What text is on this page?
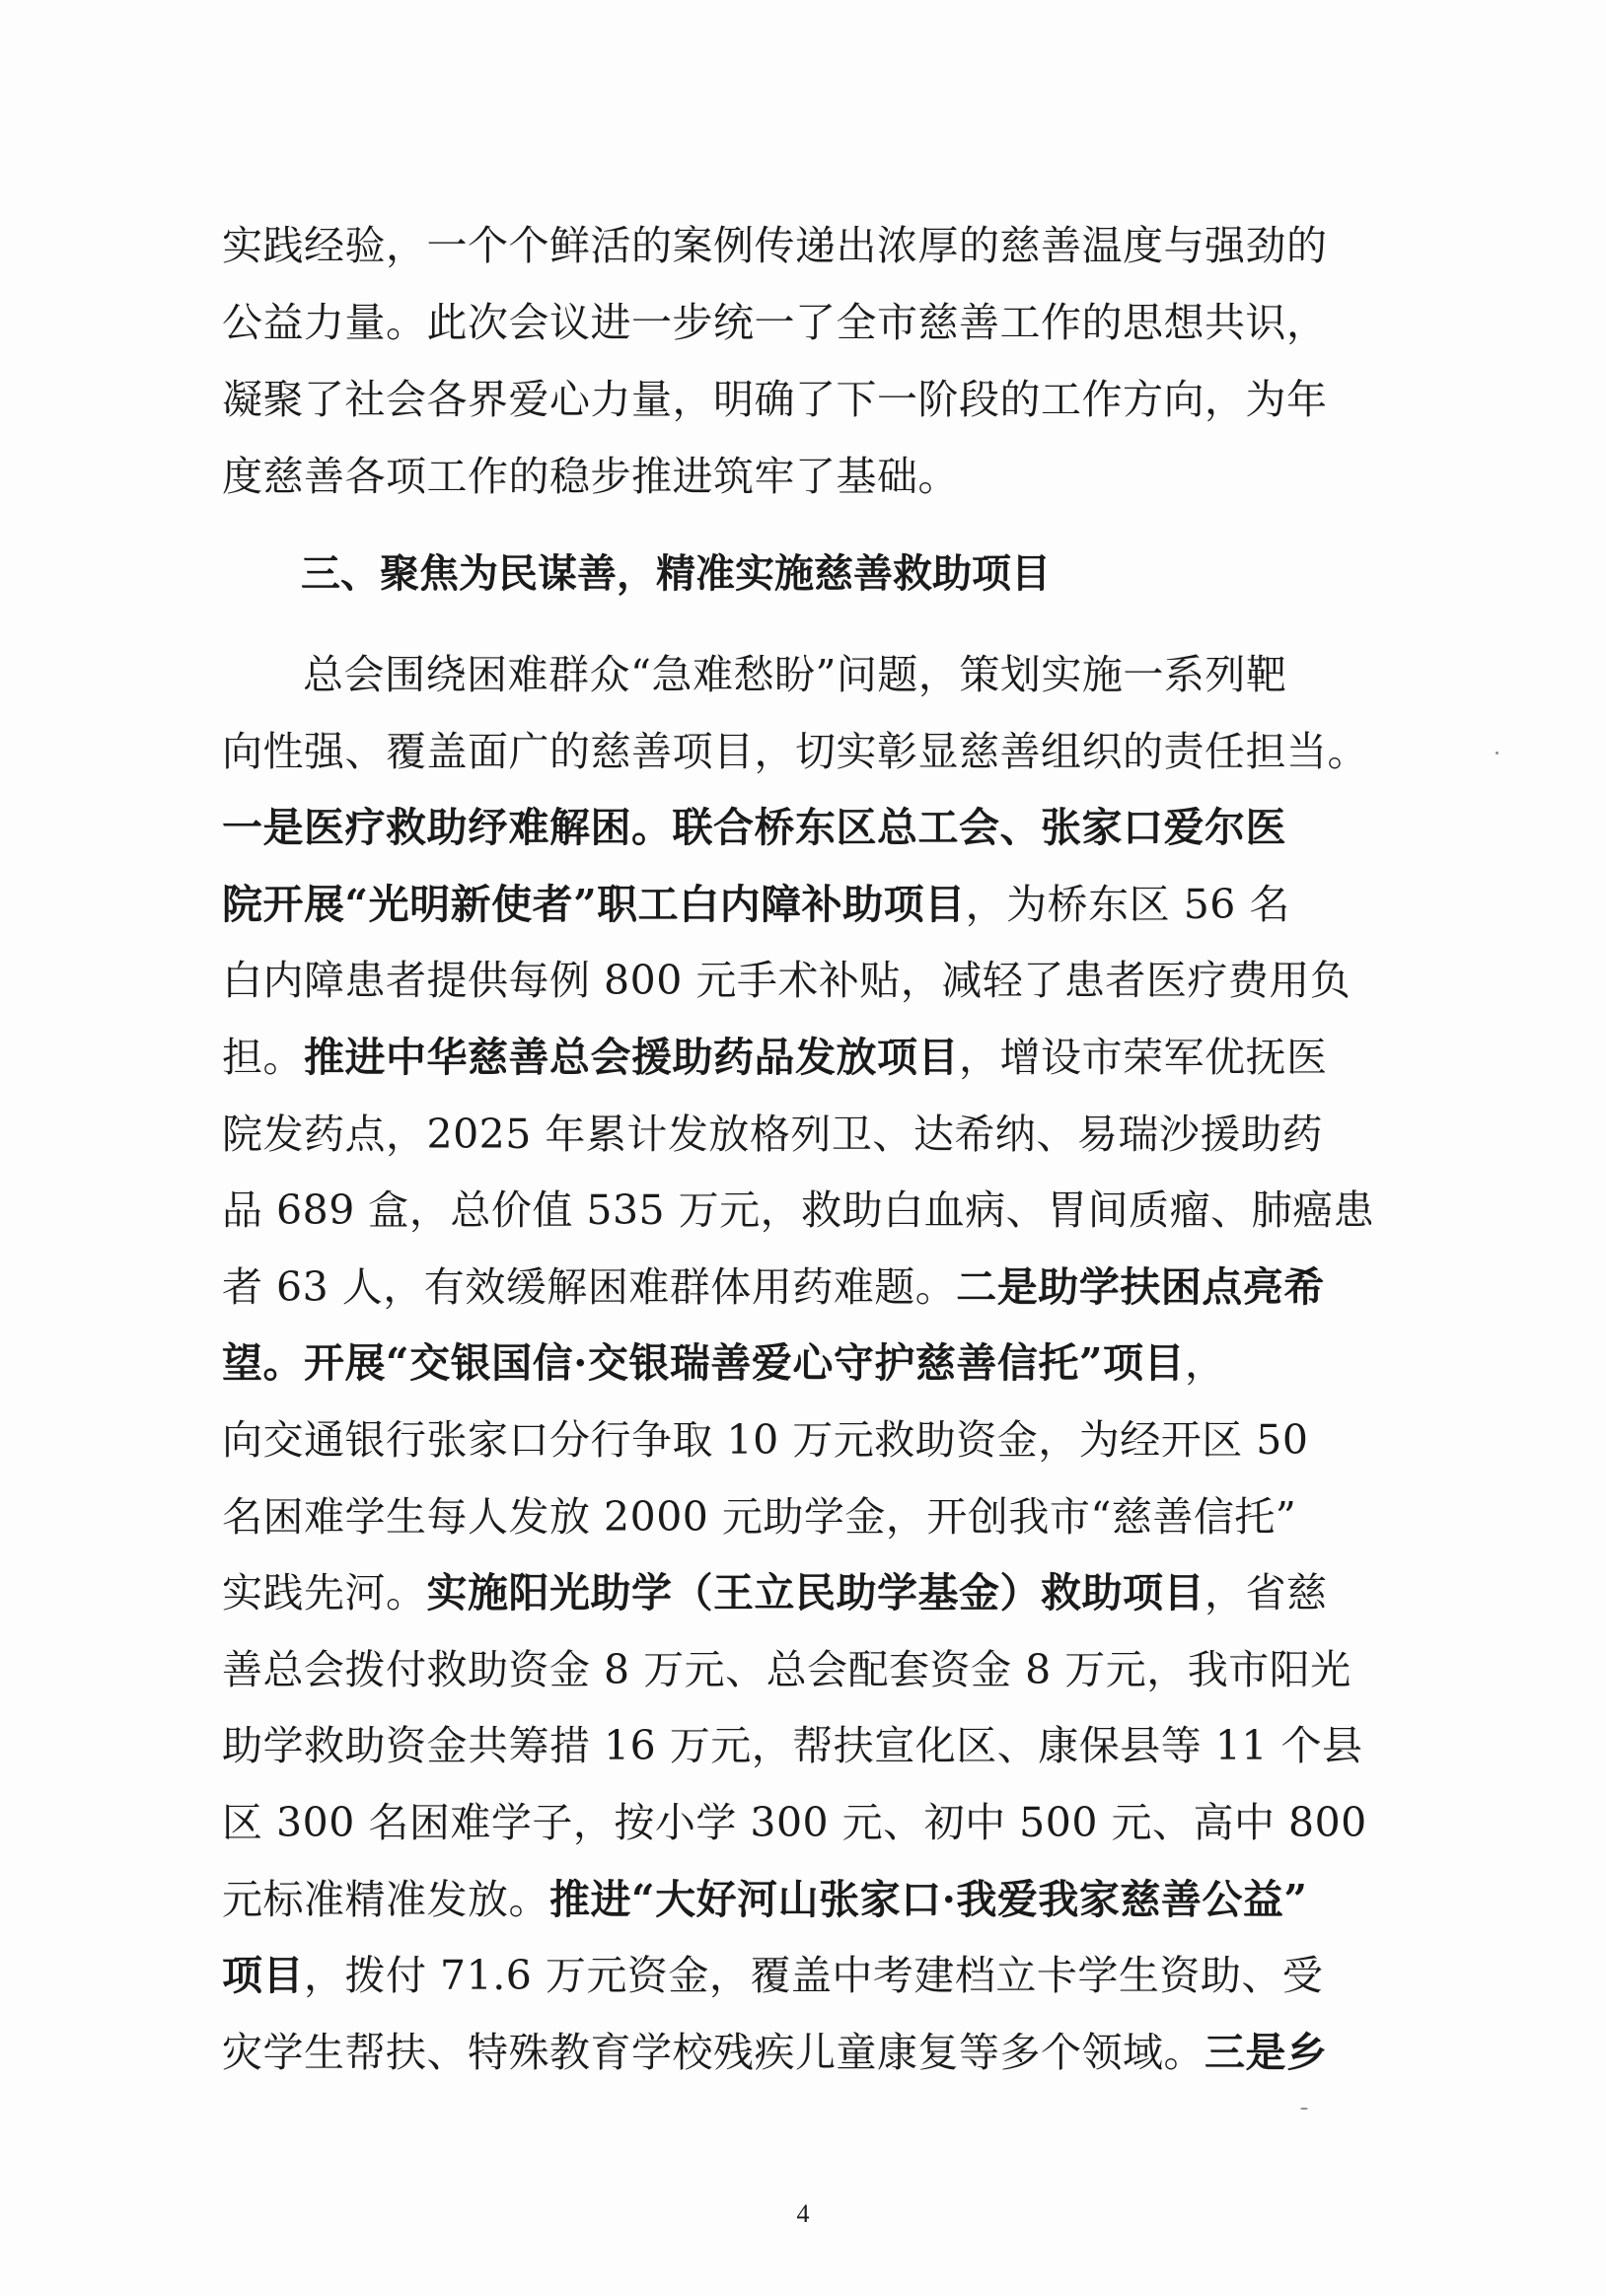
实践经验，一个个鲜活的案例传递出浓厚的慈善温度与强劲的
公益力量。此次会议进一步统一了全市慈善工作的思想共识，
凝聚了社会各界爱心力量，明确了下一阶段的工作方向，为年
度慈善各项工作的稳步推进筑牢了基础。
三、聚焦为民谋善，精准实施慈善救助项目
总会围绕困难群众“急难愁盼”问题，策划实施一系列靶
向性强、覆盖面广的慈善项目，切实彰显慈善组织的责任担当。
一是医疗救助纾难解困。联合桥东区总工会、张家口爱尔医
院开展“光明新使者”职工白内障补助项目，为桥东区 56 名
白内障患者提供每例 800 元手术补贴，减轻了患者医疗费用负
担。推进中华慈善总会援助药品发放项目，增设市荣军优抚医
院发药点，2025 年累计发放格列卫、达希纳、易瑞沙援助药
品 689 盒，总价值 535 万元，救助白血病、胃间质瘤、肺癌患
者 63 人，有效缓解困难群体用药难题。二是助学扶困点亮希
望。开展“交银国信·交银瑞善爱心守护慈善信托”项目，
向交通银行张家口分行争取 10 万元救助资金，为经开区 50
名困难学生每人发放 2000 元助学金，开创我市“慈善信托”
实践先河。实施阳光助学（王立民助学基金）救助项目，省慈
善总会拨付救助资金 8 万元、总会配套资金 8 万元，我市阳光
助学救助资金共筹措 16 万元，帮扶宣化区、康保县等 11 个县
区 300 名困难学子，按小学 300 元、初中 500 元、高中 800
元标准精准发放。推进“大好河山张家口·我爱我家慈善公益”
项目，拨付 71.6 万元资金，覆盖中考建档立卡学生资助、受
灾学生帮扶、特殊教育学校残疾儿童康复等多个领域。三是乡
4
